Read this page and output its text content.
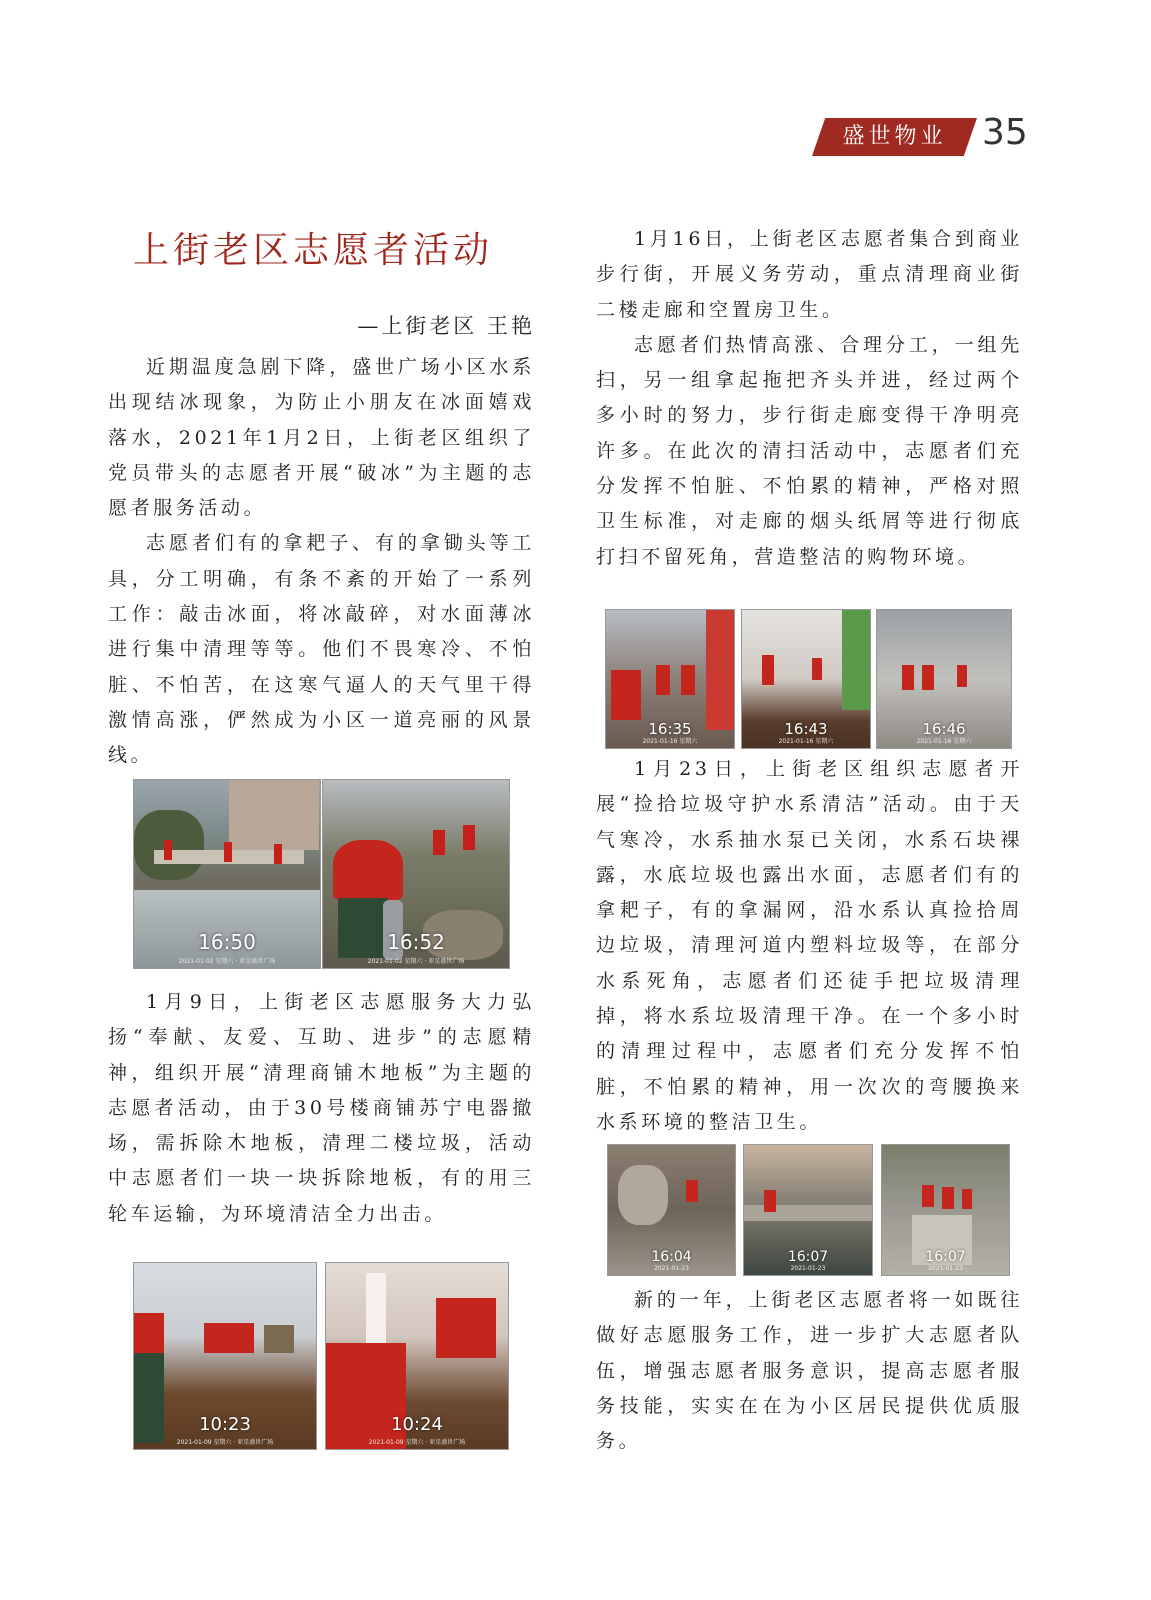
盛世物业 35
上街老区志愿者活动
—上街老区 王艳

近期温度急剧下降，盛世广场小区水系出现结冰现象，为防止小朋友在冰面嬉戏落水，2021年1月2日，上街老区组织了党员带头的志愿者开展“破冰”为主题的志愿者服务活动。

志愿者们有的拿耙子、有的拿锄头等工具，分工明确，有条不紊的开始了一系列工作：敲击冰面，将冰敲碎，对水面薄冰进行集中清理等等。他们不畏寒冷、不怕脏、不怕苦，在这寒气逼人的天气里干得激情高涨，俨然成为小区一道亮丽的风景线。

16:50
2021-01-02 星期六 · 亚星盛世广场
16:52
2021-01-02 星期六 · 亚星盛世广场

1月9日，上街老区志愿服务大力弘扬“奉献、友爱、互助、进步”的志愿精神，组织开展“清理商铺木地板”为主题的志愿者活动，由于30号楼商铺苏宁电器撤场，需拆除木地板，清理二楼垃圾，活动中志愿者们一块一块拆除地板，有的用三轮车运输，为环境清洁全力出击。

10:23
2021-01-09 星期六 · 亚星盛世广场
10:24
2021-01-09 星期六 · 亚星盛世广场

1月16日，上街老区志愿者集合到商业步行街，开展义务劳动，重点清理商业街二楼走廊和空置房卫生。

志愿者们热情高涨、合理分工，一组先扫，另一组拿起拖把齐头并进，经过两个多小时的努力，步行街走廊变得干净明亮许多。在此次的清扫活动中，志愿者们充分发挥不怕脏、不怕累的精神，严格对照卫生标准，对走廊的烟头纸屑等进行彻底打扫不留死角，营造整洁的购物环境。

16:35
2021-01-16 星期六
16:43
2021-01-16 星期六
16:46
2021-01-16 星期六

1月23日，上街老区组织志愿者开展“捡拾垃圾守护水系清洁”活动。由于天气寒冷，水系抽水泵已关闭，水系石块裸露，水底垃圾也露出水面，志愿者们有的拿耙子，有的拿漏网，沿水系认真捡拾周边垃圾，清理河道内塑料垃圾等，在部分水系死角，志愿者们还徒手把垃圾清理掉，将水系垃圾清理干净。在一个多小时的清理过程中，志愿者们充分发挥不怕脏，不怕累的精神，用一次次的弯腰换来水系环境的整洁卫生。

16:04
2021-01-23
16:07
2021-01-23
16:07
2021-01-23

新的一年，上街老区志愿者将一如既往做好志愿服务工作，进一步扩大志愿者队伍，增强志愿者服务意识，提高志愿者服务技能，实实在在为小区居民提供优质服务。
